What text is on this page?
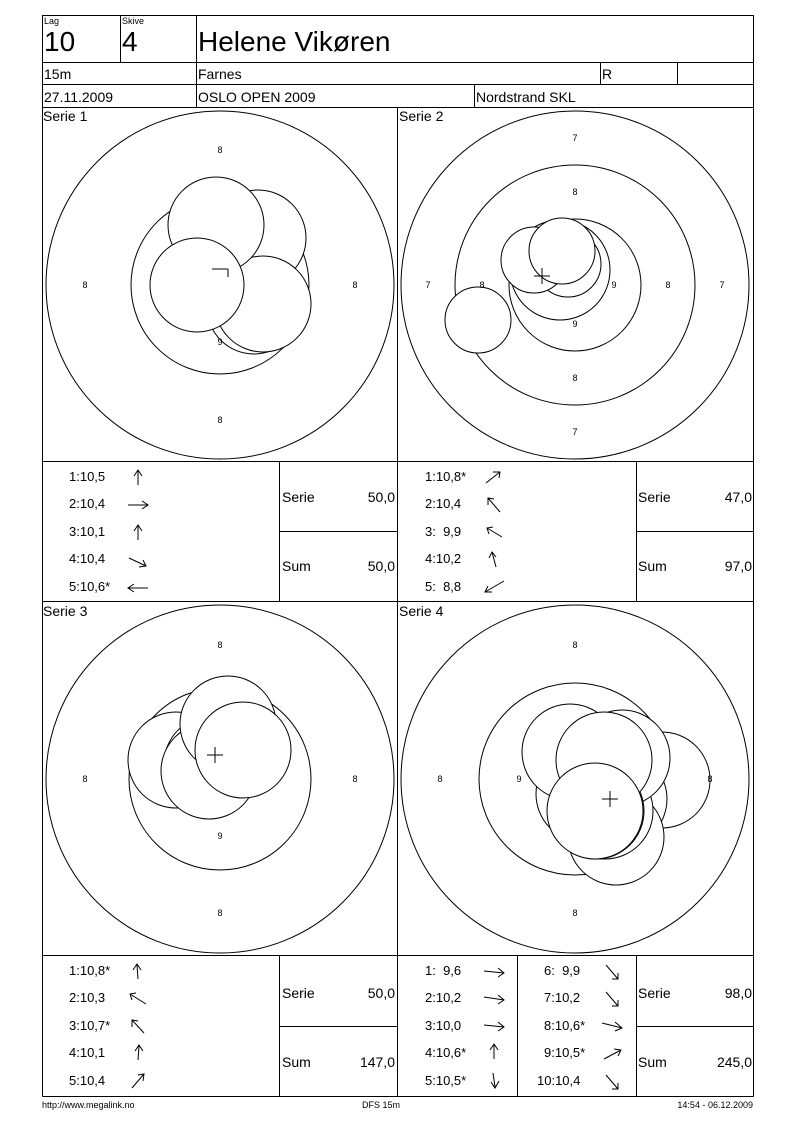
Lag
10
Skive
4 Helene Vikøren
15m	Farnes	R
27.11.2009	OSLO OPEN 2009	Nordstrand SKL
Serie 1	Serie 2
Serie 3	Serie 4
8
8	8
9
8
7
8
7	8	9	8	7
9
8
7
8
8	8
9
8
8
8	9	8
8
1:10,5
2:10,4
3:10,1
4:10,4
5:10,6*
Serie	50,0
Sum	50,0
1:10,8*
2:10,4
3:  9,9
4:10,2
5:  8,8
Serie	47,0
Sum	97,0
1:10,8*
2:10,3
3:10,7*
4:10,1
5:10,4
Serie	50,0
Sum	147,0
1:  9,6
2:10,2
3:10,0
4:10,6*
5:10,5*
6:  9,9
7:10,2
8:10,6*
9:10,5*
10:10,4
Serie	98,0
Sum	245,0
http://www.megalink.no	DFS 15m	14:54 - 06.12.2009
